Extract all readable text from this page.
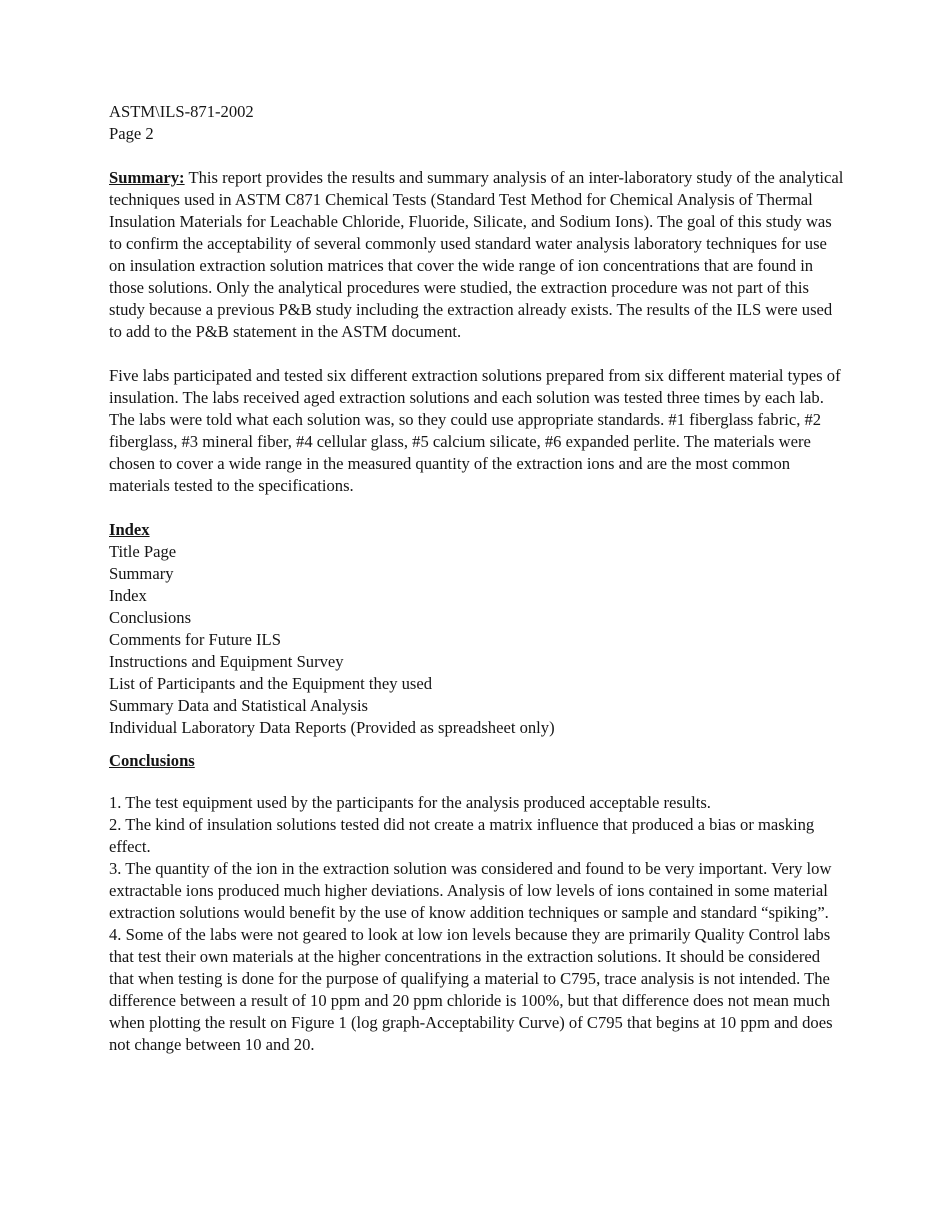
ASTM\ILS-871-2002
Page 2

Summary: This report provides the results and summary analysis of an inter-laboratory study of the analytical techniques used in ASTM C871 Chemical Tests (Standard Test Method for Chemical Analysis of Thermal Insulation Materials for Leachable Chloride, Fluoride, Silicate, and Sodium Ions). The goal of this study was to confirm the acceptability of several commonly used standard water analysis laboratory techniques for use on insulation extraction solution matrices that cover the wide range of ion concentrations that are found in those solutions. Only the analytical procedures were studied, the extraction procedure was not part of this study because a previous P&B study including the extraction already exists. The results of the ILS were used to add to the P&B statement in the ASTM document.

Five labs participated and tested six different extraction solutions prepared from six different material types of insulation. The labs received aged extraction solutions and each solution was tested three times by each lab. The labs were told what each solution was, so they could use appropriate standards. #1 fiberglass fabric, #2 fiberglass, #3 mineral fiber, #4 cellular glass, #5 calcium silicate, #6 expanded perlite. The materials were chosen to cover a wide range in the measured quantity of the extraction ions and are the most common materials tested to the specifications.

Index
Title Page
Summary
Index
Conclusions
Comments for Future ILS
Instructions and Equipment Survey
List of Participants and the Equipment they used
Summary Data and Statistical Analysis
Individual Laboratory Data Reports (Provided as spreadsheet only)
Conclusions

1. The test equipment used by the participants for the analysis produced acceptable results.

2. The kind of insulation solutions tested did not create a matrix influence that produced a bias or masking effect.

3. The quantity of the ion in the extraction solution was considered and found to be very important. Very low extractable ions produced much higher deviations. Analysis of low levels of ions contained in some material extraction solutions would benefit by the use of know addition techniques or sample and standard “spiking”.

4. Some of the labs were not geared to look at low ion levels because they are primarily Quality Control labs that test their own materials at the higher concentrations in the extraction solutions. It should be considered that when testing is done for the purpose of qualifying a material to C795, trace analysis is not intended. The difference between a result of 10 ppm and 20 ppm chloride is 100%, but that difference does not mean much when plotting the result on Figure 1 (log graph-Acceptability Curve) of C795 that begins at 10 ppm and does not change between 10 and 20.
